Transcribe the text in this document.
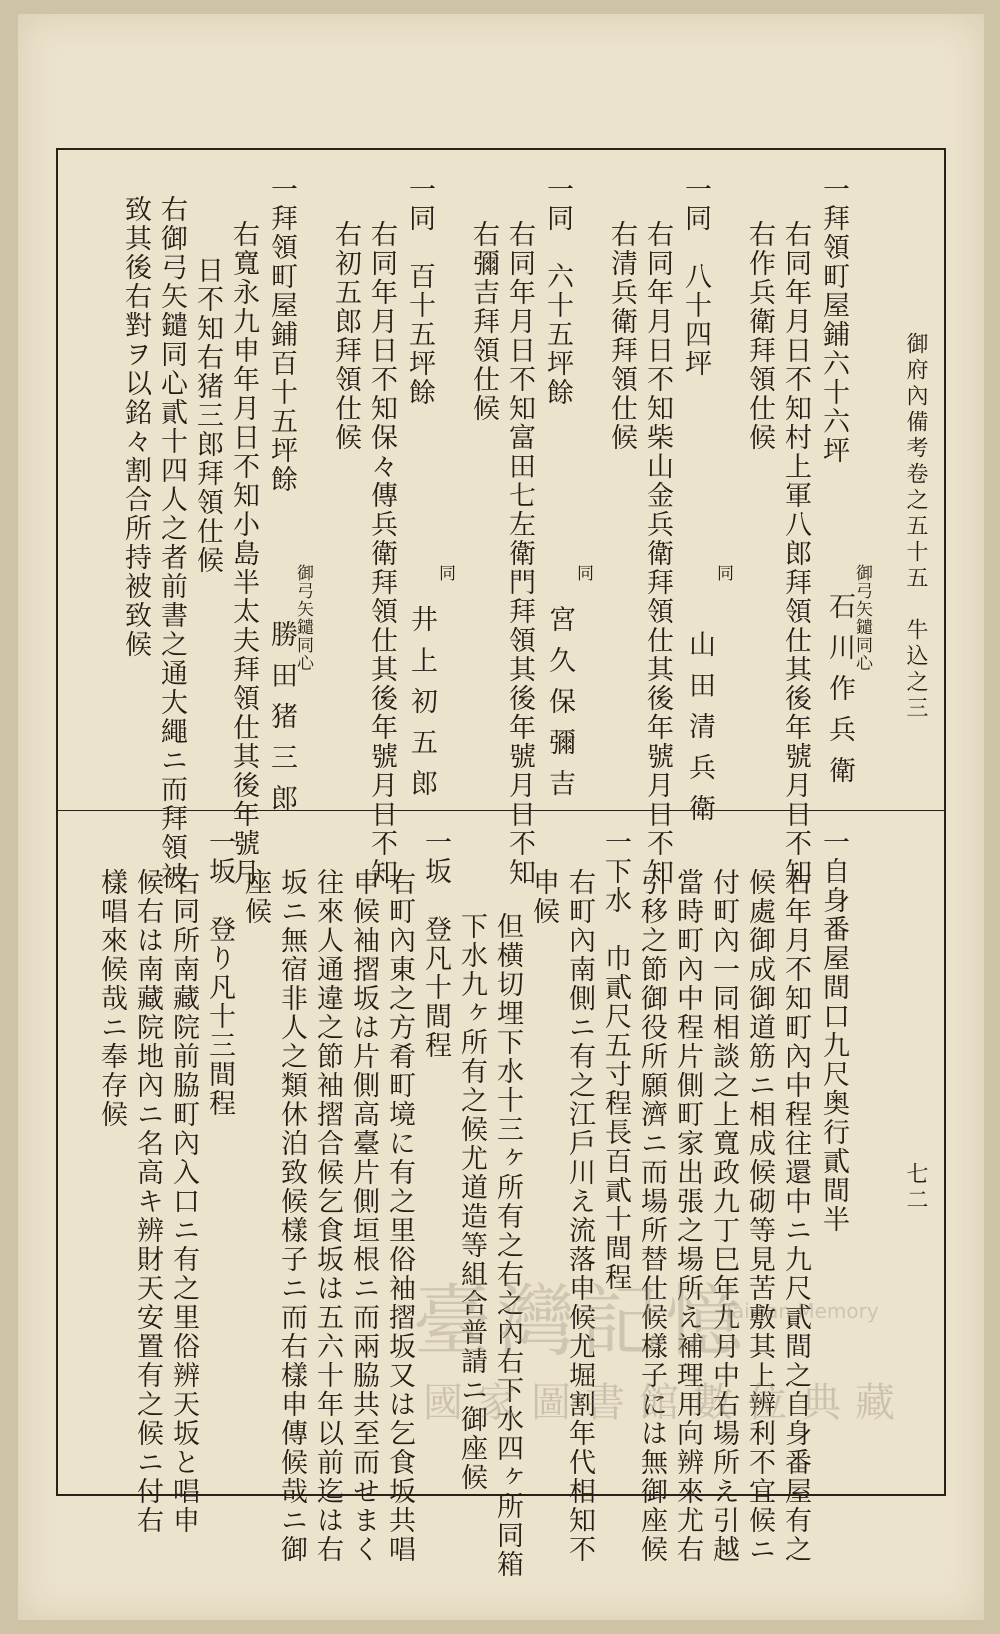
御府內備考卷之五十五　牛込之三
七二
一拜領町屋鋪六十六坪
御弓矢鑓同心
石川作兵衛
右同年月日不知村上軍八郎拜領仕其後年號月日不知
右作兵衛拜領仕候
一同　八十四坪
同
山田清兵衛
右同年月日不知柴山金兵衛拜領仕其後年號月日不知
右清兵衛拜領仕候
一同　六十五坪餘
同
宮久保彌吉
右同年月日不知富田七左衛門拜領其後年號月日不知
右彌吉拜領仕候
一同　百十五坪餘
同
井上初五郎
右同年月日不知保々傳兵衛拜領仕其後年號月日不知
右初五郎拜領仕候
一拜領町屋鋪百十五坪餘
御弓矢鑓同心
勝田猪三郎
右寬永九申年月日不知小島半太夫拜領仕其後年號月
日不知右猪三郎拜領仕候
右御弓矢鑓同心貳十四人之者前書之通大繩ニ而拜領被
致其後右對ヲ以銘々割合所持被致候
一自身番屋間口九尺奥行貳間半
右年月不知町內中程往還中ニ九尺貳間之自身番屋有之
候處御成御道筋ニ相成候砌等見苦敷其上辨利不宜候ニ
付町內一同相談之上寬政九丁巳年九月中右場所え引越
當時町內中程片側町家出張之場所え補理用向辨來尤右
引移之節御役所願濟ニ而場所替仕候樣子には無御座候
一下水　巾貳尺五寸程長百貳十間程
右町內南側ニ有之江戶川え流落申候尤堀割年代相知不
申候
但横切埋下水十三ヶ所有之右之內右下水四ヶ所同箱
下水九ヶ所有之候尤道造等組合普請ニ御座候
一坂　登凡十間程
右町內東之方肴町境に有之里俗袖摺坂又は乞食坂共唱
申候袖摺坂は片側高臺片側垣根ニ而兩脇共至而せまく
往來人通違之節袖摺合候乞食坂は五六十年以前迄は右
坂ニ無宿非人之類休泊致候樣子ニ而右樣申傳候哉ニ御
座候
一坂　登り凡十三間程
右同所南藏院前脇町內入口ニ有之里俗辨天坂と唱申
候右は南藏院地內ニ名高キ辨財天安置有之候ニ付右
樣唱來候哉ニ奉存候
臺灣記憶
Taiwan Memory
國家圖書館數位典藏
